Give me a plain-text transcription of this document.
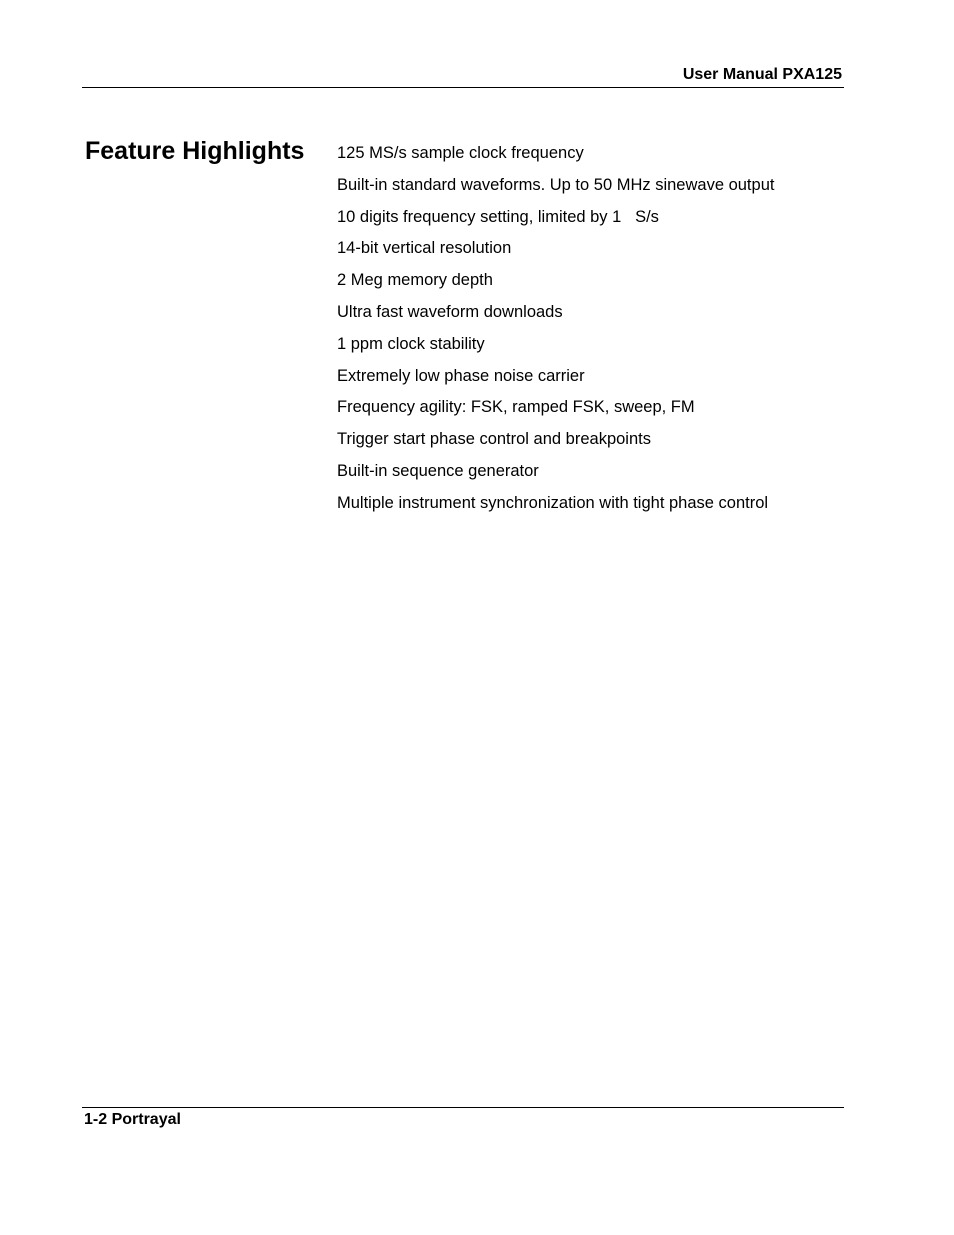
User Manual PXA125
Feature Highlights 125 MS/s sample clock frequency
Built-in standard waveforms. Up to 50 MHz sinewave output
10 digits frequency setting, limited by 1   S/s
14-bit vertical resolution
2 Meg memory depth
Ultra fast waveform downloads
1 ppm clock stability
Extremely low phase noise carrier
Frequency agility: FSK, ramped FSK, sweep, FM
Trigger start phase control and breakpoints
Built-in sequence generator
Multiple instrument synchronization with tight phase control
1-2 Portrayal
